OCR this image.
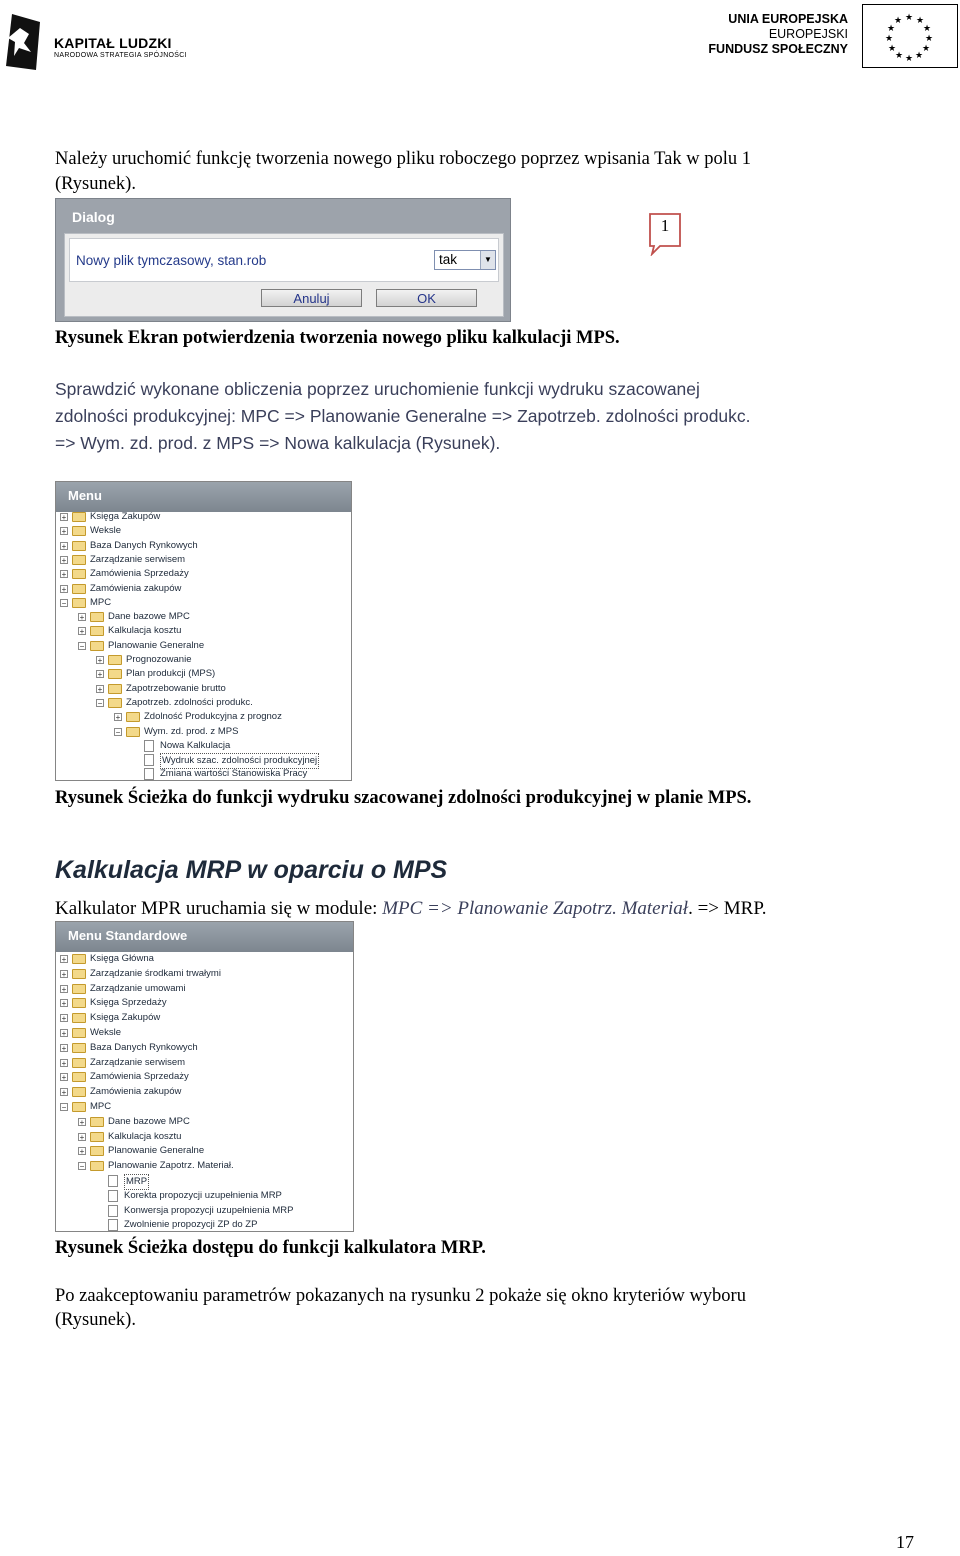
KAPITAŁ LUDZKI
NARODOWA STRATEGIA SPÓJNOŚCI
UNIA EUROPEJSKA
EUROPEJSKI
FUNDUSZ SPOŁECZNY
★ ★
★
★
★
★
★
★
★
★
★
★
Należy uruchomić funkcję tworzenia nowego pliku roboczego poprzez wpisania Tak w polu 1
(Rysunek).
Dialog
Nowy plik tymczasowy, stan.rob	tak	▼
Anuluj	OK
1
Rysunek Ekran potwierdzenia tworzenia nowego pliku kalkulacji MPS.
Sprawdzić wykonane obliczenia poprzez uruchomienie funkcji wydruku szacowanej
zdolności produkcyjnej: MPC => Planowanie Generalne => Zapotrzeb. zdolności produkc.
=> Wym. zd. prod. z MPS => Nowa kalkulacja (Rysunek).
Menu
+ Księga Zakupów
+ Weksle
+ Baza Danych Rynkowych
+ Zarządzanie serwisem
+ Zamówienia Sprzedaży
+ Zamówienia zakupów
− MPC
+ Dane bazowe MPC
+ Kalkulacja kosztu
− Planowanie Generalne
+ Prognozowanie
+ Plan produkcji (MPS)
+ Zapotrzebowanie brutto
− Zapotrzeb. zdolności produkc.
+ Zdolność Produkcyjna z prognoz
− Wym. zd. prod. z MPS
Nowa Kalkulacja
Wydruk szac. zdolności produkcyjnej
Zmiana wartości Stanowiska Pracy
Rysunek Ścieżka do funkcji wydruku szacowanej zdolności produkcyjnej w planie MPS.
Kalkulacja MRP w oparciu o MPS
Kalkulator MPR uruchamia się w module: MPC => Planowanie Zapotrz. Materiał. => MRP.
Menu Standardowe
+ Księga Główna
+ Zarządzanie środkami trwałymi
+ Zarządzanie umowami
+ Księga Sprzedaży
+ Księga Zakupów
+ Weksle
+ Baza Danych Rynkowych
+ Zarządzanie serwisem
+ Zamówienia Sprzedaży
+ Zamówienia zakupów
− MPC
+ Dane bazowe MPC
+ Kalkulacja kosztu
+ Planowanie Generalne
− Planowanie Zapotrz. Materiał.
MRP
Korekta propozycji uzupełnienia MRP
Konwersja propozycji uzupełnienia MRP
Zwolnienie propozycji ZP do ZP
Rysunek Ścieżka dostępu do funkcji kalkulatora MRP.
Po zaakceptowaniu parametrów pokazanych na rysunku 2 pokaże się okno kryteriów wyboru
(Rysunek).
17
